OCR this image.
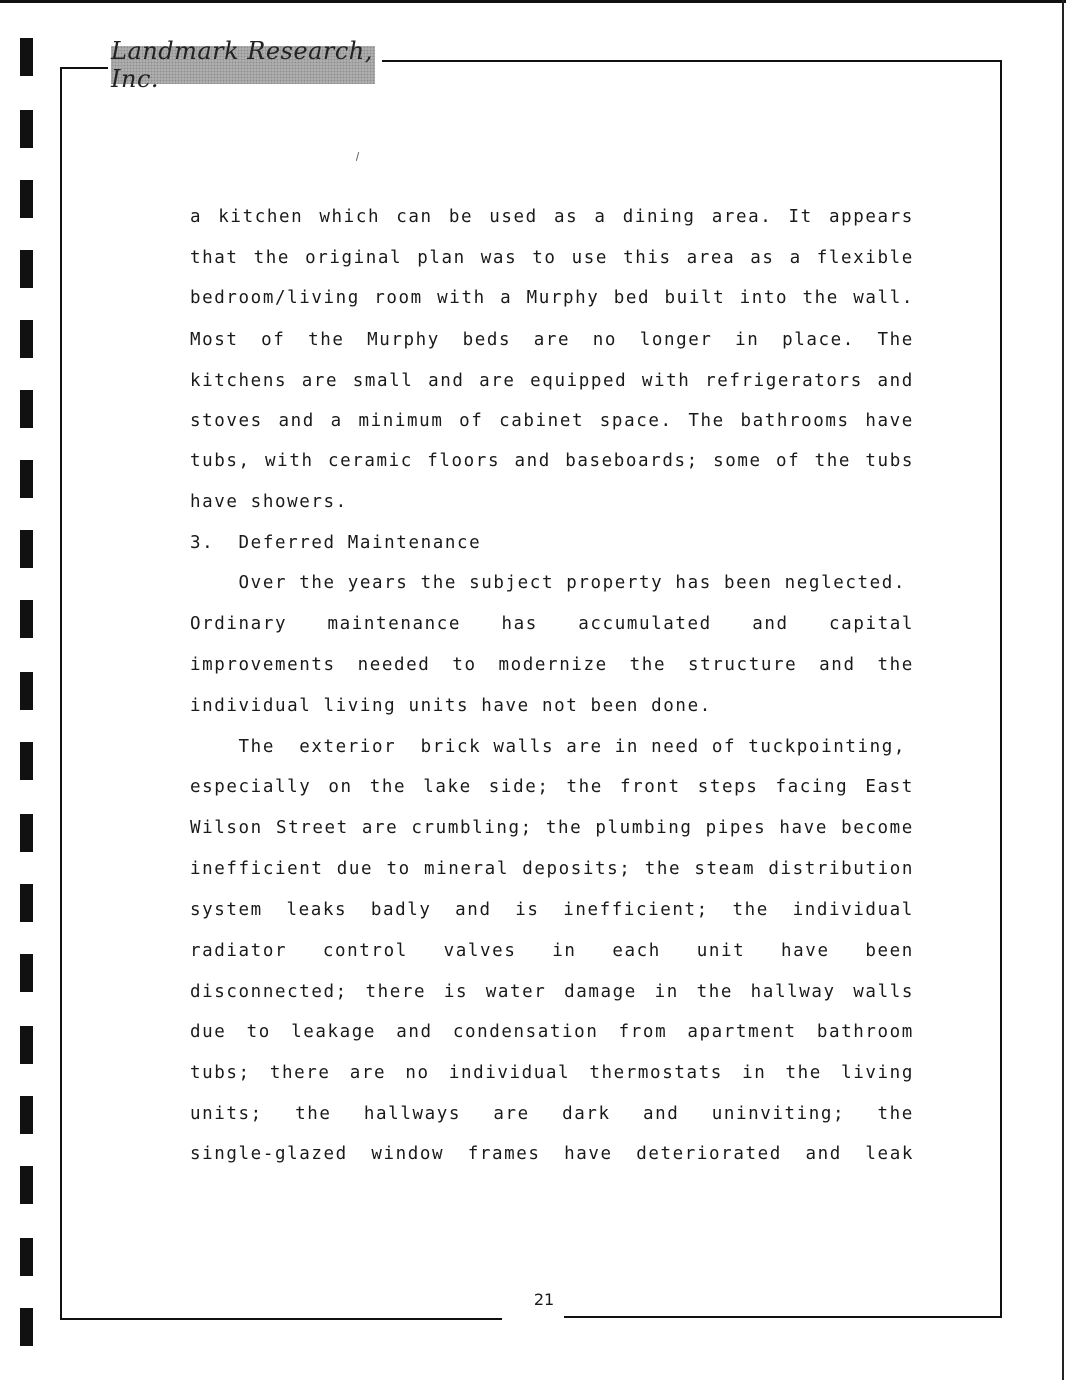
Landmark Research, Inc.
a kitchen which can be used as a dining area. It appears
that the original plan was to use this area as a flexible
bedroom/living room with a Murphy bed built into the wall.
Most of the Murphy beds are no longer in place. The
kitchens are small and are equipped with refrigerators and
stoves and a minimum of cabinet space. The bathrooms have
tubs, with ceramic floors and baseboards; some of the tubs
have showers.
3.  Deferred Maintenance
Over the years the subject property has been neglected.
Ordinary maintenance has accumulated and capital
improvements needed to modernize the structure and the
individual living units have not been done.
The  exterior  brick walls are in need of tuckpointing,
especially on the lake side; the front steps facing East
Wilson Street are crumbling; the plumbing pipes have become
inefficient due to mineral deposits; the steam distribution
system leaks badly and is inefficient; the individual
radiator control valves in each unit have been
disconnected; there is water damage in the hallway walls
due to leakage and condensation from apartment bathroom
tubs; there are no individual thermostats in the living
units; the hallways are dark and uninviting; the
single-glazed window frames have deteriorated and leak
21
